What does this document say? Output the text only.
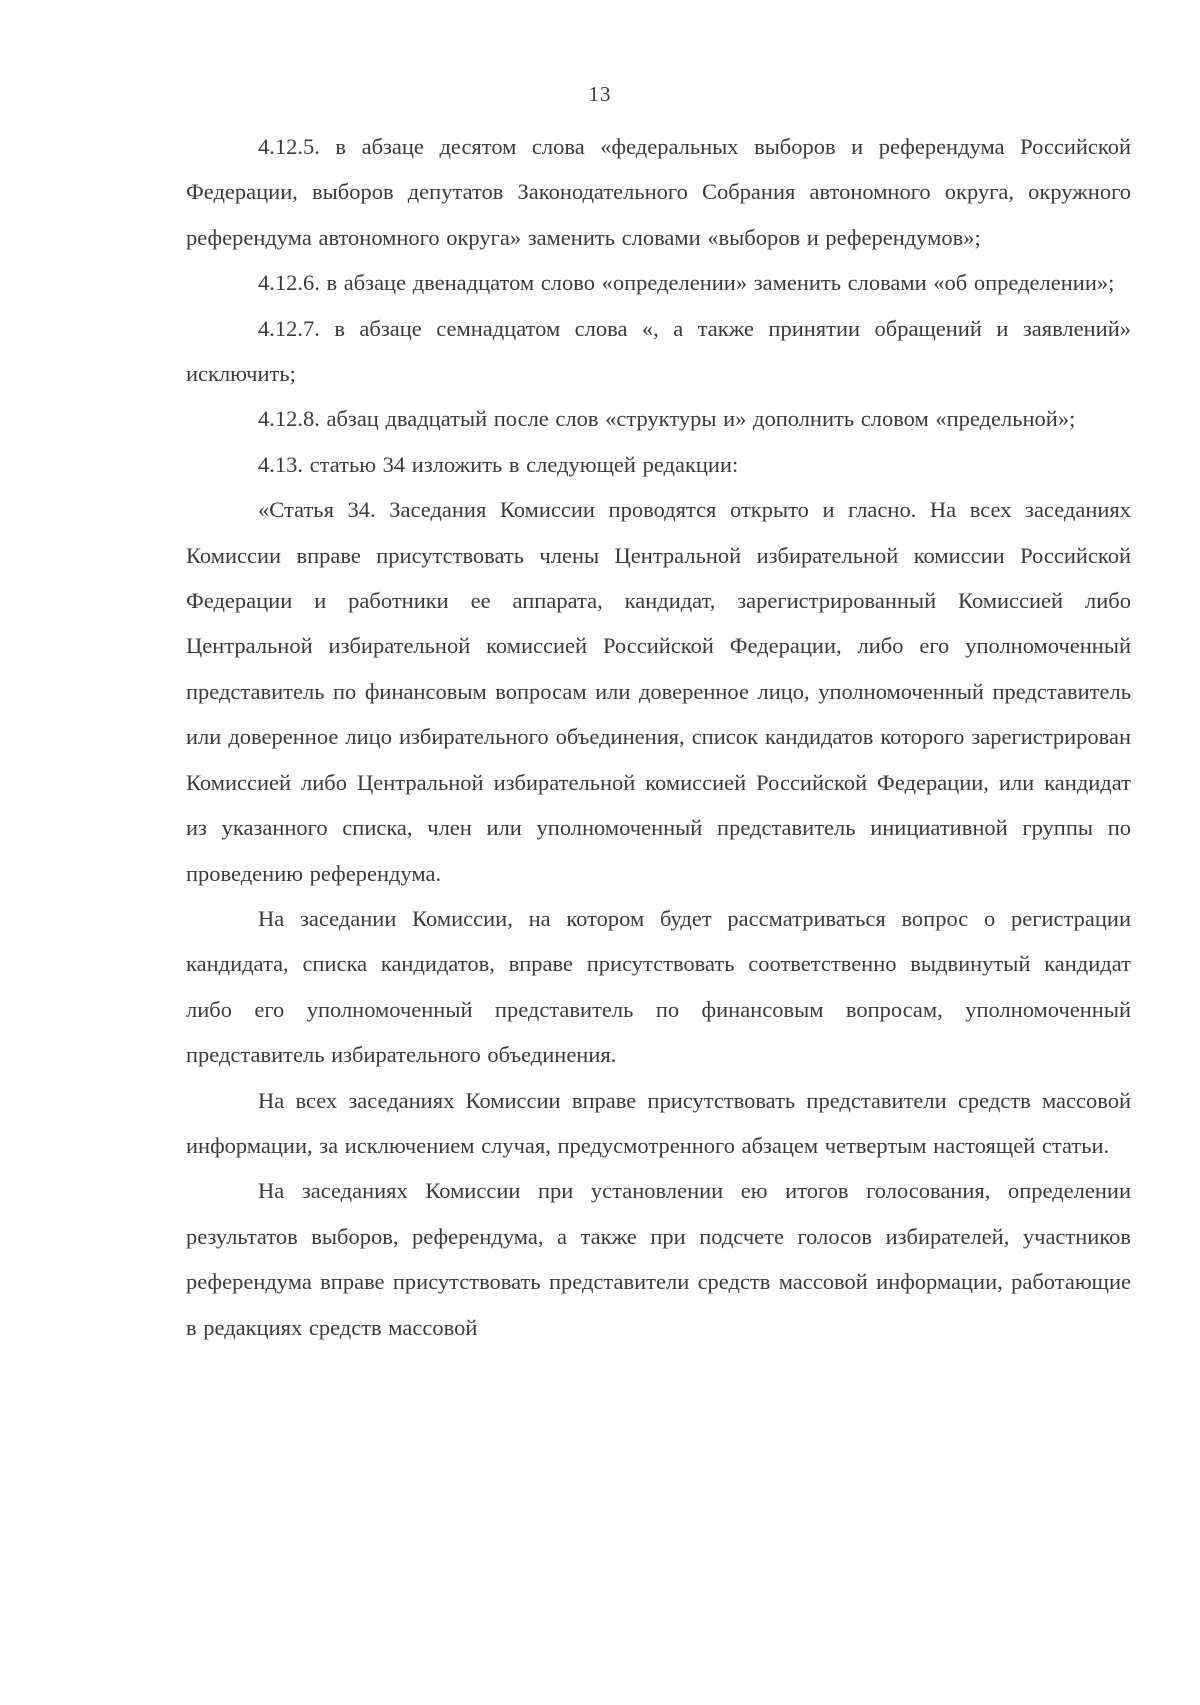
13

4.12.5. в абзаце десятом слова «федеральных выборов и референдума Российской Федерации, выборов депутатов Законодательного Собрания автономного округа, окружного референдума автономного округа» заменить словами «выборов и референдумов»;

4.12.6. в абзаце двенадцатом слово «определении» заменить словами «об определении»;

4.12.7. в абзаце семнадцатом слова «, а также принятии обращений и заявлений» исключить;

4.12.8. абзац двадцатый после слов «структуры и» дополнить словом «предельной»;

4.13. статью 34 изложить в следующей редакции:

«Статья 34. Заседания Комиссии проводятся открыто и гласно. На всех заседаниях Комиссии вправе присутствовать члены Центральной избирательной комиссии Российской Федерации и работники ее аппарата, кандидат, зарегистрированный Комиссией либо Центральной избирательной комиссией Российской Федерации, либо его уполномоченный представитель по финансовым вопросам или доверенное лицо, уполномоченный представитель или доверенное лицо избирательного объединения, список кандидатов которого зарегистрирован Комиссией либо Центральной избирательной комиссией Российской Федерации, или кандидат из указанного списка, член или уполномоченный представитель инициативной группы по проведению референдума.

На заседании Комиссии, на котором будет рассматриваться вопрос о регистрации кандидата, списка кандидатов, вправе присутствовать соответственно выдвинутый кандидат либо его уполномоченный представитель по финансовым вопросам, уполномоченный представитель избирательного объединения.

На всех заседаниях Комиссии вправе присутствовать представители средств массовой информации, за исключением случая, предусмотренного абзацем четвертым настоящей статьи.

На заседаниях Комиссии при установлении ею итогов голосования, определении результатов выборов, референдума, а также при подсчете голосов избирателей, участников референдума вправе присутствовать представители средств массовой информации, работающие в редакциях средств массовой
